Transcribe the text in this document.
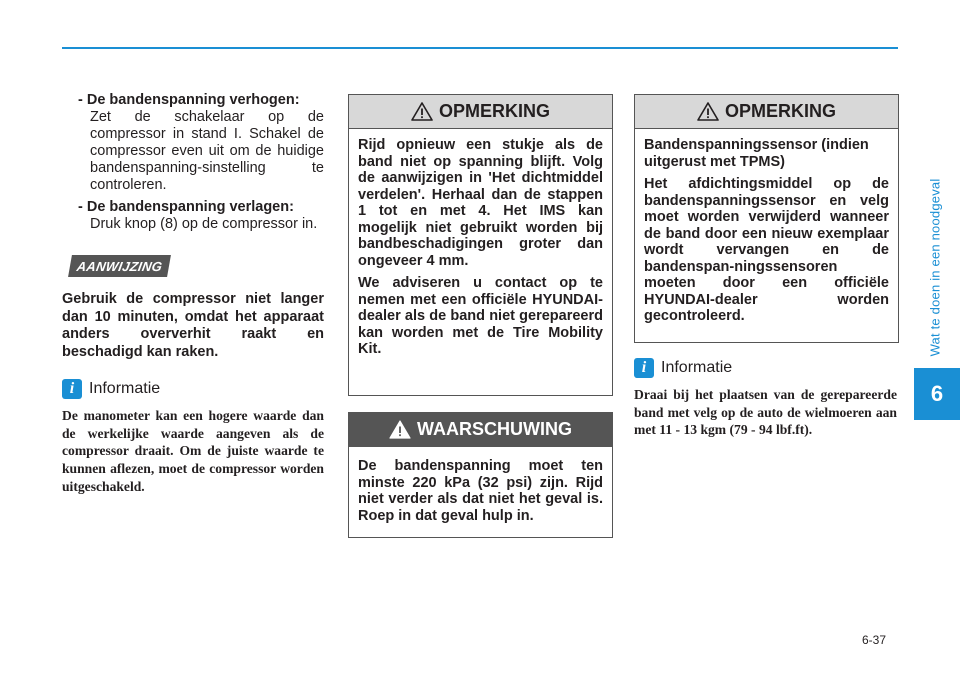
Wat te doen in een noodgeval
6
- De bandenspanning verhogen:
Zet de schakelaar op de compressor in stand I. Schakel de compressor even uit om de huidige bandenspanning-sinstelling te controleren.
- De bandenspanning verlagen:
Druk knop (8) op de compressor in.
AANWIJZING
Gebruik de compressor niet langer dan 10 minuten, omdat het apparaat anders oververhit raakt en beschadigd kan raken.
i Informatie
De manometer kan een hogere waarde dan de werkelijke waarde aangeven als de compressor draait. Om de juiste waarde te kunnen aflezen, moet de compressor worden uitgeschakeld.
OPMERKING

Rijd opnieuw een stukje als de band niet op spanning blijft. Volg de aanwijzigen in 'Het dichtmiddel verdelen'. Herhaal dan de stappen 1 tot en met 4. Het IMS kan mogelijk niet gebruikt worden bij bandbeschadigingen groter dan ongeveer 4 mm.

We adviseren u contact op te nemen met een officiële HYUNDAI-dealer als de band niet gerepareerd kan worden met de Tire Mobility Kit.

WAARSCHUWING

De bandenspanning moet ten minste 220 kPa (32 psi) zijn. Rijd niet verder als dat niet het geval is. Roep in dat geval hulp in.

OPMERKING

Bandenspanningssensor (indien uitgerust met TPMS)

Het afdichtingsmiddel op de bandenspanningssensor en velg moet worden verwijderd wanneer de band door een nieuw exemplaar wordt vervangen en de bandenspan-ningssensoren moeten door een officiële HYUNDAI-dealer worden gecontroleerd.

i Informatie
Draai bij het plaatsen van de gerepareerde band met velg op de auto de wielmoeren aan met 11 - 13 kgm (79 - 94 lbf.ft).
6-37
